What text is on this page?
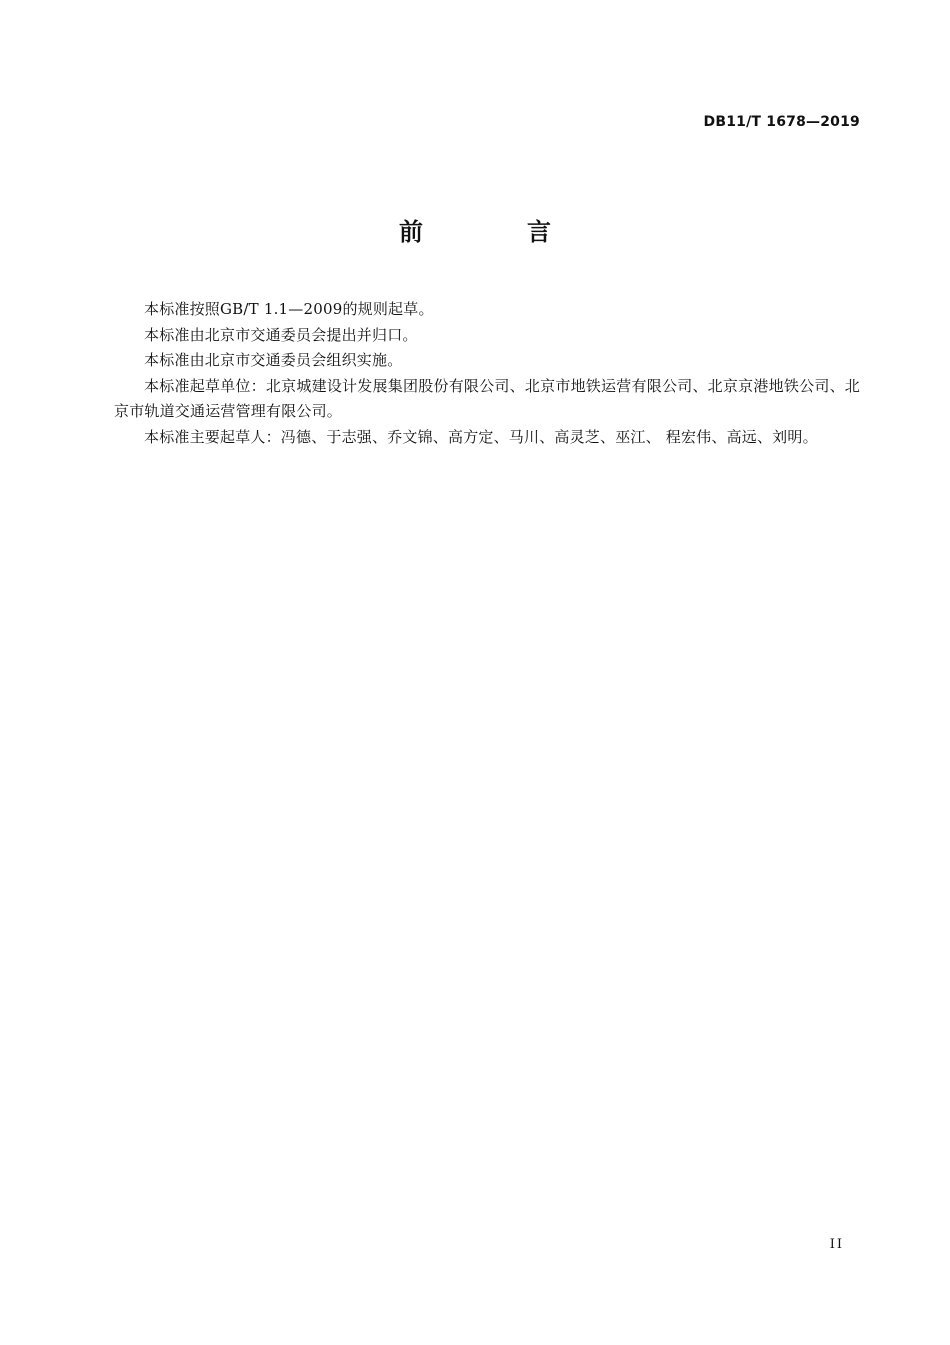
DB11/T 1678—2019
前　言

本标准按照GB/T 1.1—2009的规则起草。

本标准由北京市交通委员会提出并归口。

本标准由北京市交通委员会组织实施。

本标准起草单位：北京城建设计发展集团股份有限公司、北京市地铁运营有限公司、北京京港地铁公司、北京市轨道交通运营管理有限公司。

本标准主要起草人：冯德、于志强、乔文锦、高方定、马川、高灵芝、巫江、 程宏伟、高远、刘明。

II
